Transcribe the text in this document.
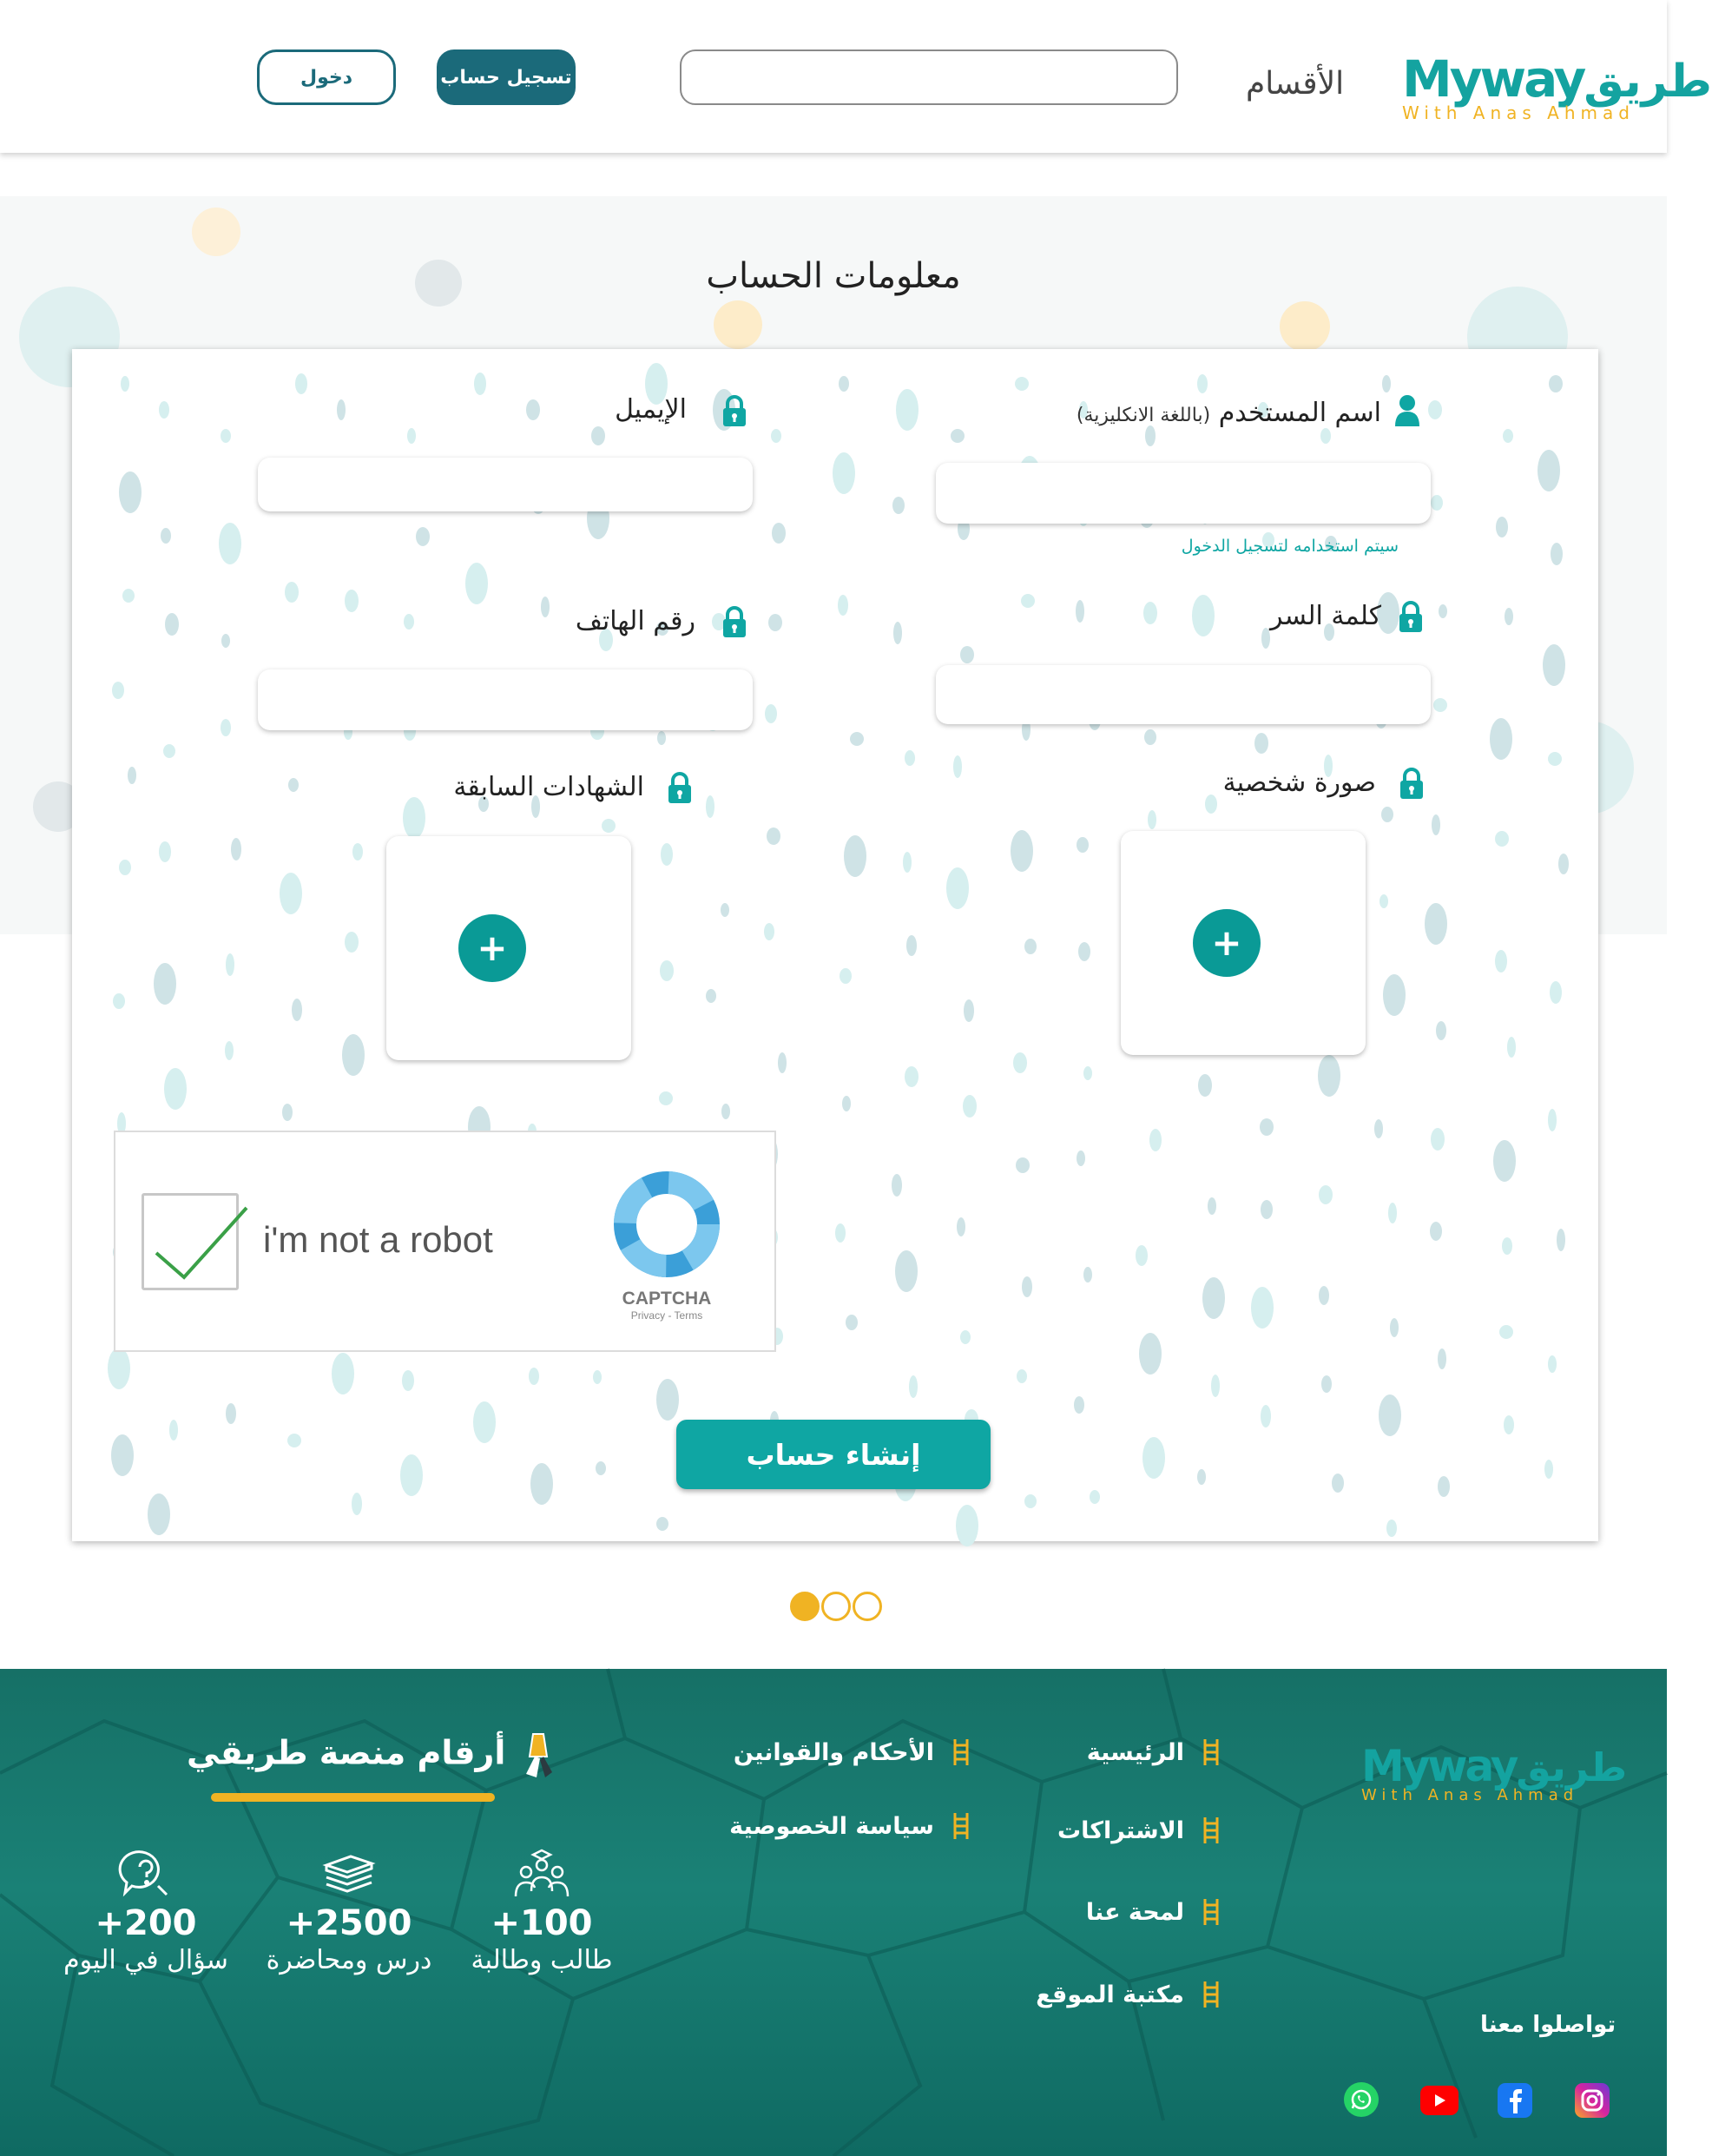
Mywayطريق
With Anas Ahmad
الأقسام
تسجيل حساب
دخول
معلومات الحساب
اسم المستخدم (باللغة الانكليزية)
سيتم استخدامه لتسجيل الدخول
الإيميل
كلمة السر
رقم الهاتف
صورة شخصية
+
الشهادات السابقة
+
i'm not a robot
CAPTCHA
Privacy - Terms
إنشاء حساب
Mywayطريق
With Anas Ahmad
الرئيسية
الاشتراكات
لمحة عنا
مكتبة الموقع
الأحكام والقوانين
سياسة الخصوصية
أرقام منصة طريقي
+100
طالب وطالبة
+2500
درس ومحاضرة
+200
سؤال في اليوم
تواصلوا معنا
